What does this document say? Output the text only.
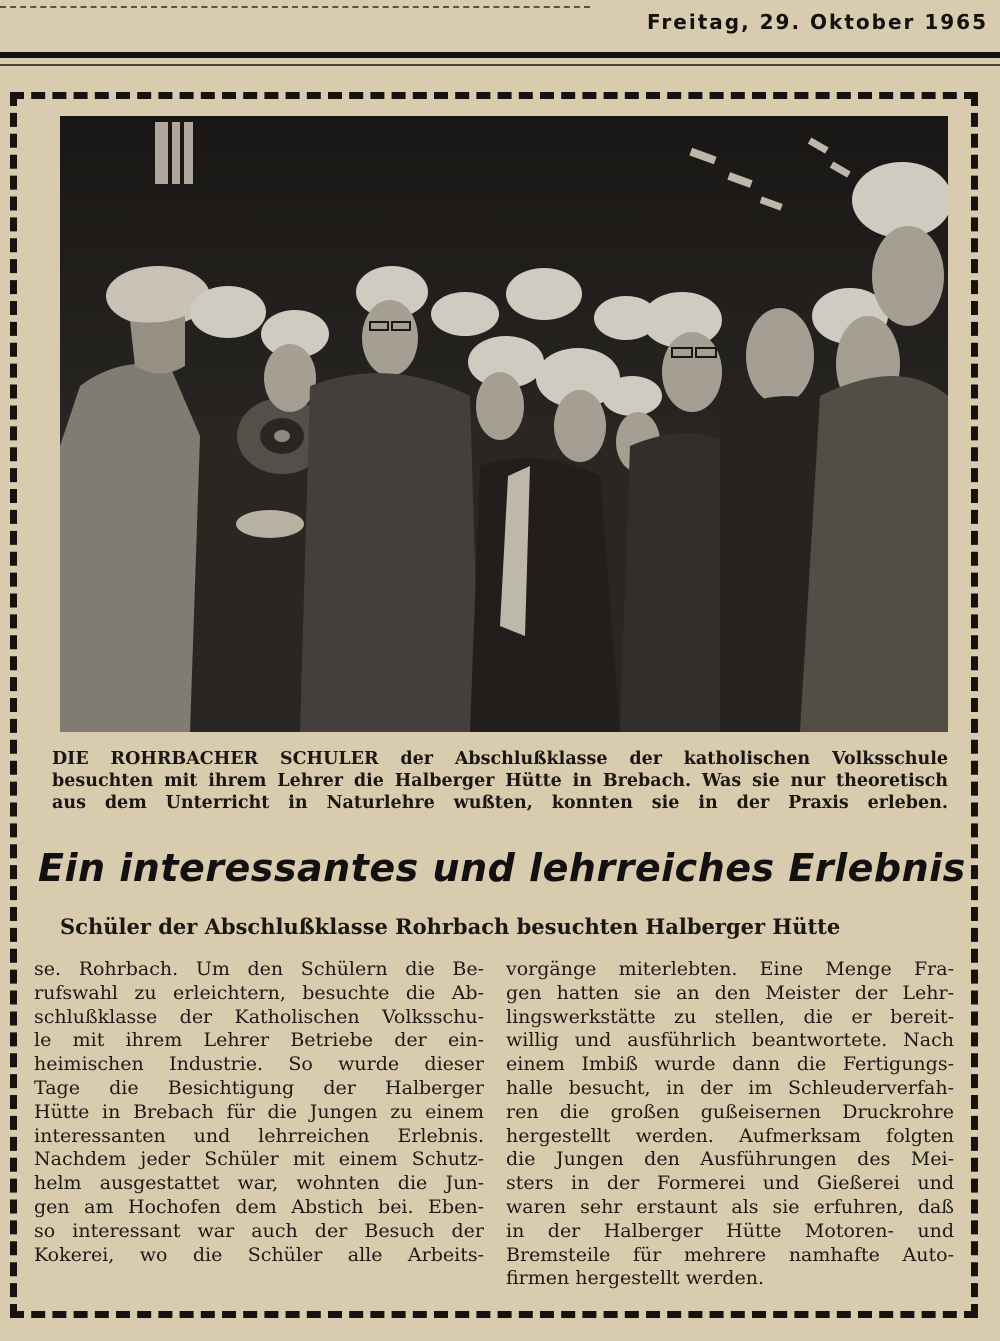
Freitag, 29. Oktober 1965
DIE ROHRBACHER SCHULER der Abschlußklasse der katholischen Volksschule
besuchten mit ihrem Lehrer die Halberger Hütte in Brebach. Was sie nur theoretisch
aus dem Unterricht in Naturlehre wußten, konnten sie in der Praxis erleben.
Ein interessantes und lehrreiches Erlebnis
Schüler der Abschlußklasse Rohrbach besuchten Halberger Hütte
se. Rohrbach. Um den Schülern die Be-
rufswahl zu erleichtern, besuchte die Ab-
schlußklasse der Katholischen Volksschu-
le mit ihrem Lehrer Betriebe der ein-
heimischen Industrie. So wurde dieser
Tage die Besichtigung der Halberger
Hütte in Brebach für die Jungen zu einem
interessanten und lehrreichen Erlebnis.
Nachdem jeder Schüler mit einem Schutz-
helm ausgestattet war, wohnten die Jun-
gen am Hochofen dem Abstich bei. Eben-
so interessant war auch der Besuch der
Kokerei, wo die Schüler alle Arbeits-
vorgänge miterlebten. Eine Menge Fra-
gen hatten sie an den Meister der Lehr-
lingswerkstätte zu stellen, die er bereit-
willig und ausführlich beantwortete. Nach
einem Imbiß wurde dann die Fertigungs-
halle besucht, in der im Schleuderverfah-
ren die großen gußeisernen Druckrohre
hergestellt werden. Aufmerksam folgten
die Jungen den Ausführungen des Mei-
sters in der Formerei und Gießerei und
waren sehr erstaunt als sie erfuhren, daß
in der Halberger Hütte Motoren- und
Bremsteile für mehrere namhafte Auto-
firmen hergestellt werden.
